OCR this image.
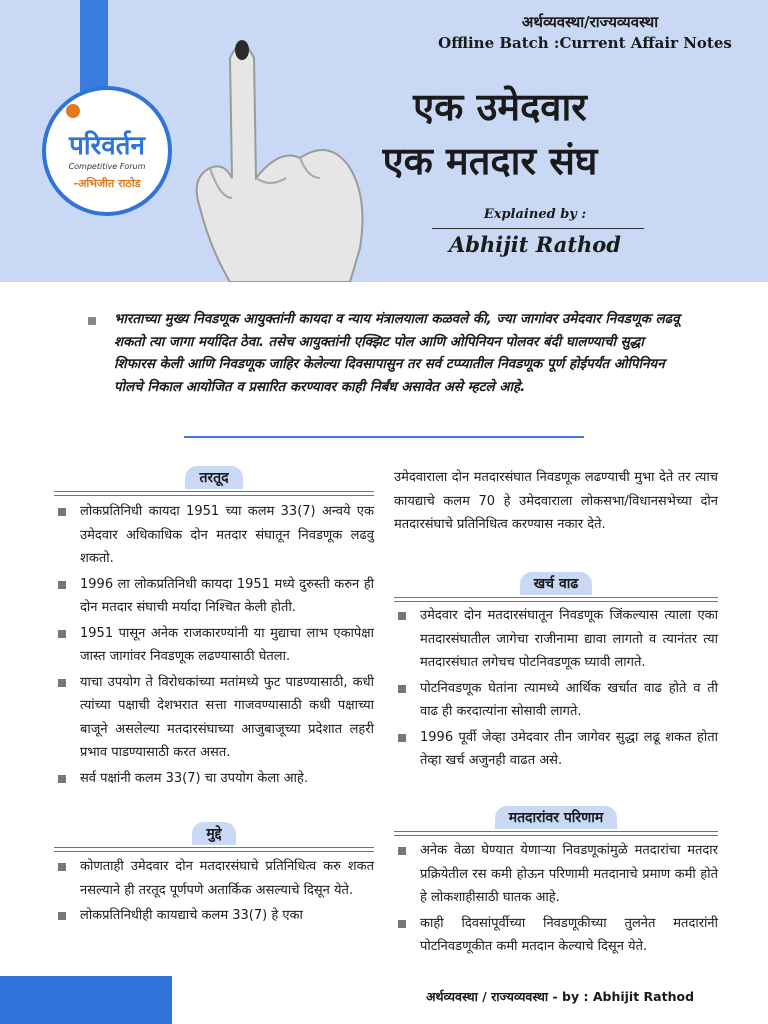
परिवर्तन
Competitive Forum
-अभिजीत राठोड
अर्थव्यवस्था/राज्यव्यवस्था
Offline Batch :Current Affair Notes
एक उमेदवार
एक मतदार संघ
Explained by :
Abhijit Rathod
भारताच्या मुख्य निवडणूक आयुक्तांनी कायदा व न्याय मंत्रालयाला कळवले की, ज्या जागांवर उमेदवार निवडणूक लढवू शकतो त्या जागा मर्यादित ठेवा. तसेच आयुक्तांनी एक्झिट पोल आणि ओपिनियन पोलवर बंदी घालण्याची सुद्धा शिफारस केली आणि निवडणूक जाहिर केलेल्या दिवसापासुन तर सर्व टप्प्यातील निवडणूक पूर्ण होईपर्यंत ओपिनियन पोलचे निकाल आयोजित व प्रसारित करण्यावर काही निर्बंध असावेत असे म्हटले आहे.
तरतूद
लोकप्रतिनिधी कायदा 1951 च्या कलम 33(7) अन्वये एक उमेदवार अधिकाधिक दोन मतदार संघातून निवडणूक लढवु शकतो.
1996 ला लोकप्रतिनिधी कायदा 1951 मध्ये दुरुस्ती करुन ही दोन मतदार संघाची मर्यादा निश्चित केली होती.
1951 पासून अनेक राजकारण्यांनी या मुद्याचा लाभ एकापेक्षा जास्त जागांवर निवडणूक लढण्यासाठी घेतला.
याचा उपयोग ते विरोधकांच्या मतांमध्ये फुट पाडण्यासाठी, कधी त्यांच्या पक्षाची देशभरात सत्ता गाजवण्यासाठी कधी पक्षाच्या बाजूने असलेल्या मतदारसंघाच्या आजुबाजूच्या प्रदेशात लहरी प्रभाव पाडण्यासाठी करत असत.
सर्व पक्षांनी कलम 33(7) चा उपयोग केला आहे.
मुद्दे
कोणताही उमेदवार दोन मतदारसंघाचे प्रतिनिधित्व करु शकत नसल्याने ही तरतूद पूर्णपणे अतार्किक असल्याचे दिसून येते.
लोकप्रतिनिधीही कायद्याचे कलम 33(7) हे एका
उमेदवाराला दोन मतदारसंघात निवडणूक लढण्याची मुभा देते तर त्याच कायद्याचे कलम 70 हे उमेदवाराला लोकसभा/विधानसभेच्या दोन मतदारसंघाचे प्रतिनिधित्व करण्यास नकार देते.
खर्च वाढ
उमेदवार दोन मतदारसंघातून निवडणूक जिंकल्यास त्याला एका मतदारसंघातील जागेचा राजीनामा द्यावा लागतो व त्यानंतर त्या मतदारसंघात लगेचच पोटनिवडणूक घ्यावी लागते.
पोटनिवडणूक घेतांना त्यामध्ये आर्थिक खर्चात वाढ होते व ती वाढ ही करदात्यांना सोसावी लागते.
1996 पूर्वी जेव्हा उमेदवार तीन जागेवर सुद्धा लढू शकत होता तेव्हा खर्च अजुनही वाढत असे.
मतदारांवर परिणाम
अनेक वेळा घेण्यात येणाऱ्या निवडणूकांमुळे मतदारांचा मतदार प्रक्रियेतील रस कमी होऊन परिणामी मतदानाचे प्रमाण कमी होते हे लोकशाहीसाठी घातक आहे.
काही दिवसांपूर्वीच्या निवडणूकीच्या तुलनेत मतदारांनी पोटनिवडणूकीत कमी मतदान केल्याचे दिसून येते.
अर्थव्यवस्था / राज्यव्यवस्था - by : Abhijit Rathod
